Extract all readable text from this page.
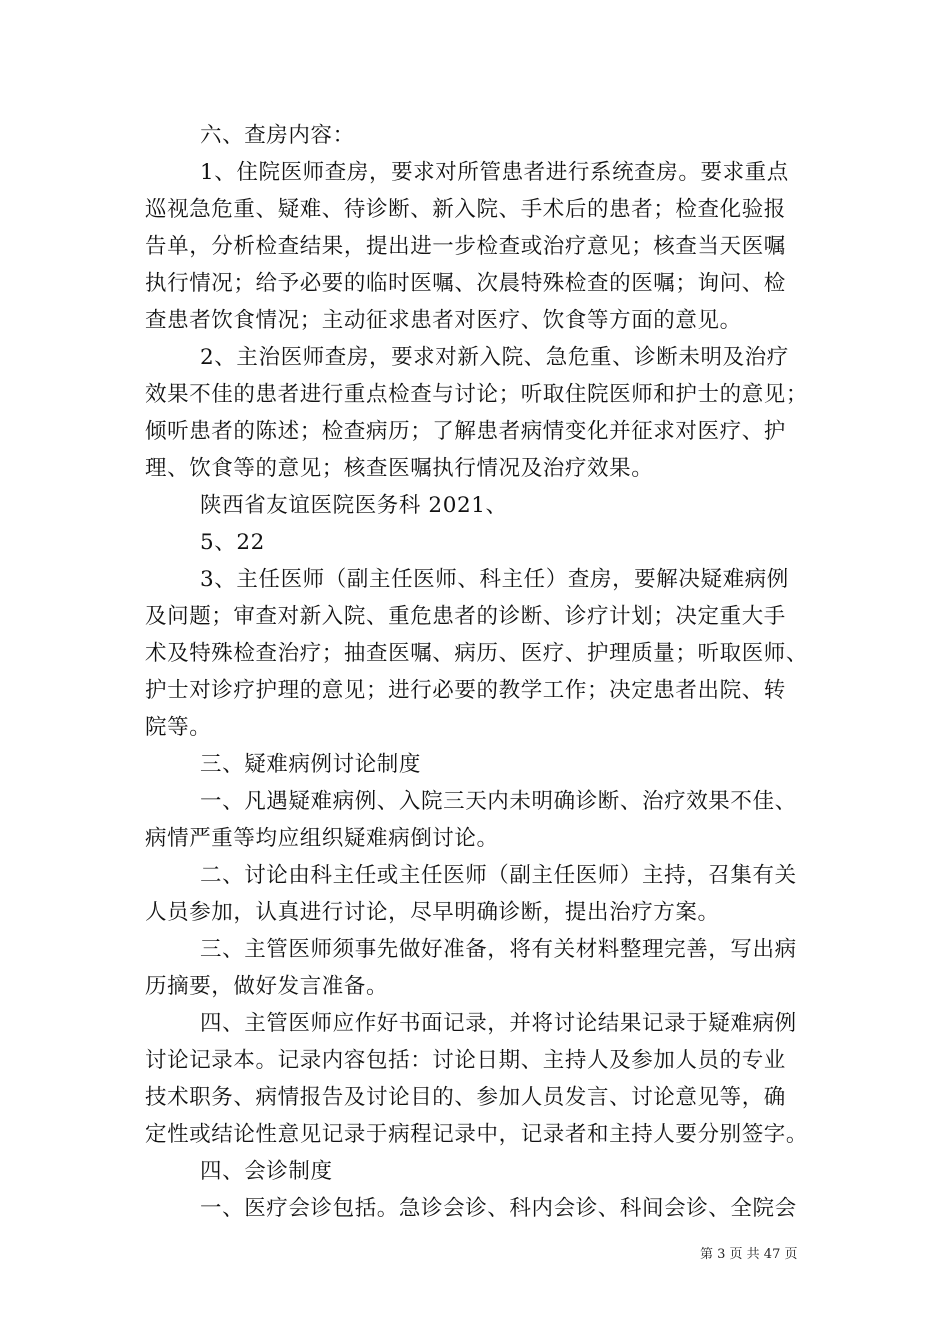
六、查房内容：
1、住院医师查房，要求对所管患者进行系统查房。要求重点
巡视急危重、疑难、待诊断、新入院、手术后的患者；检查化验报
告单，分析检查结果，提出进一步检查或治疗意见；核查当天医嘱
执行情况；给予必要的临时医嘱、次晨特殊检查的医嘱；询问、检
查患者饮食情况；主动征求患者对医疗、饮食等方面的意见。
2、主治医师查房，要求对新入院、急危重、诊断未明及治疗
效果不佳的患者进行重点检查与讨论；听取住院医师和护士的意见；
倾听患者的陈述；检查病历；了解患者病情变化并征求对医疗、护
理、饮食等的意见；核查医嘱执行情况及治疗效果。
陕西省友谊医院医务科 2021、
5、22
3、主任医师（副主任医师、科主任）查房，要解决疑难病例
及问题；审查对新入院、重危患者的诊断、诊疗计划；决定重大手
术及特殊检查治疗；抽查医嘱、病历、医疗、护理质量；听取医师、
护士对诊疗护理的意见；进行必要的教学工作；决定患者出院、转
院等。
三、疑难病例讨论制度
一、凡遇疑难病例、入院三天内未明确诊断、治疗效果不佳、
病情严重等均应组织疑难病倒讨论。
二、讨论由科主任或主任医师（副主任医师）主持，召集有关
人员参加，认真进行讨论，尽早明确诊断，提出治疗方案。
三、主管医师须事先做好准备，将有关材料整理完善，写出病
历摘要，做好发言准备。
四、主管医师应作好书面记录，并将讨论结果记录于疑难病例
讨论记录本。记录内容包括：讨论日期、主持人及参加人员的专业
技术职务、病情报告及讨论目的、参加人员发言、讨论意见等，确
定性或结论性意见记录于病程记录中，记录者和主持人要分别签字。
四、会诊制度
一、医疗会诊包括。急诊会诊、科内会诊、科间会诊、全院会
第 3 页 共 47 页
